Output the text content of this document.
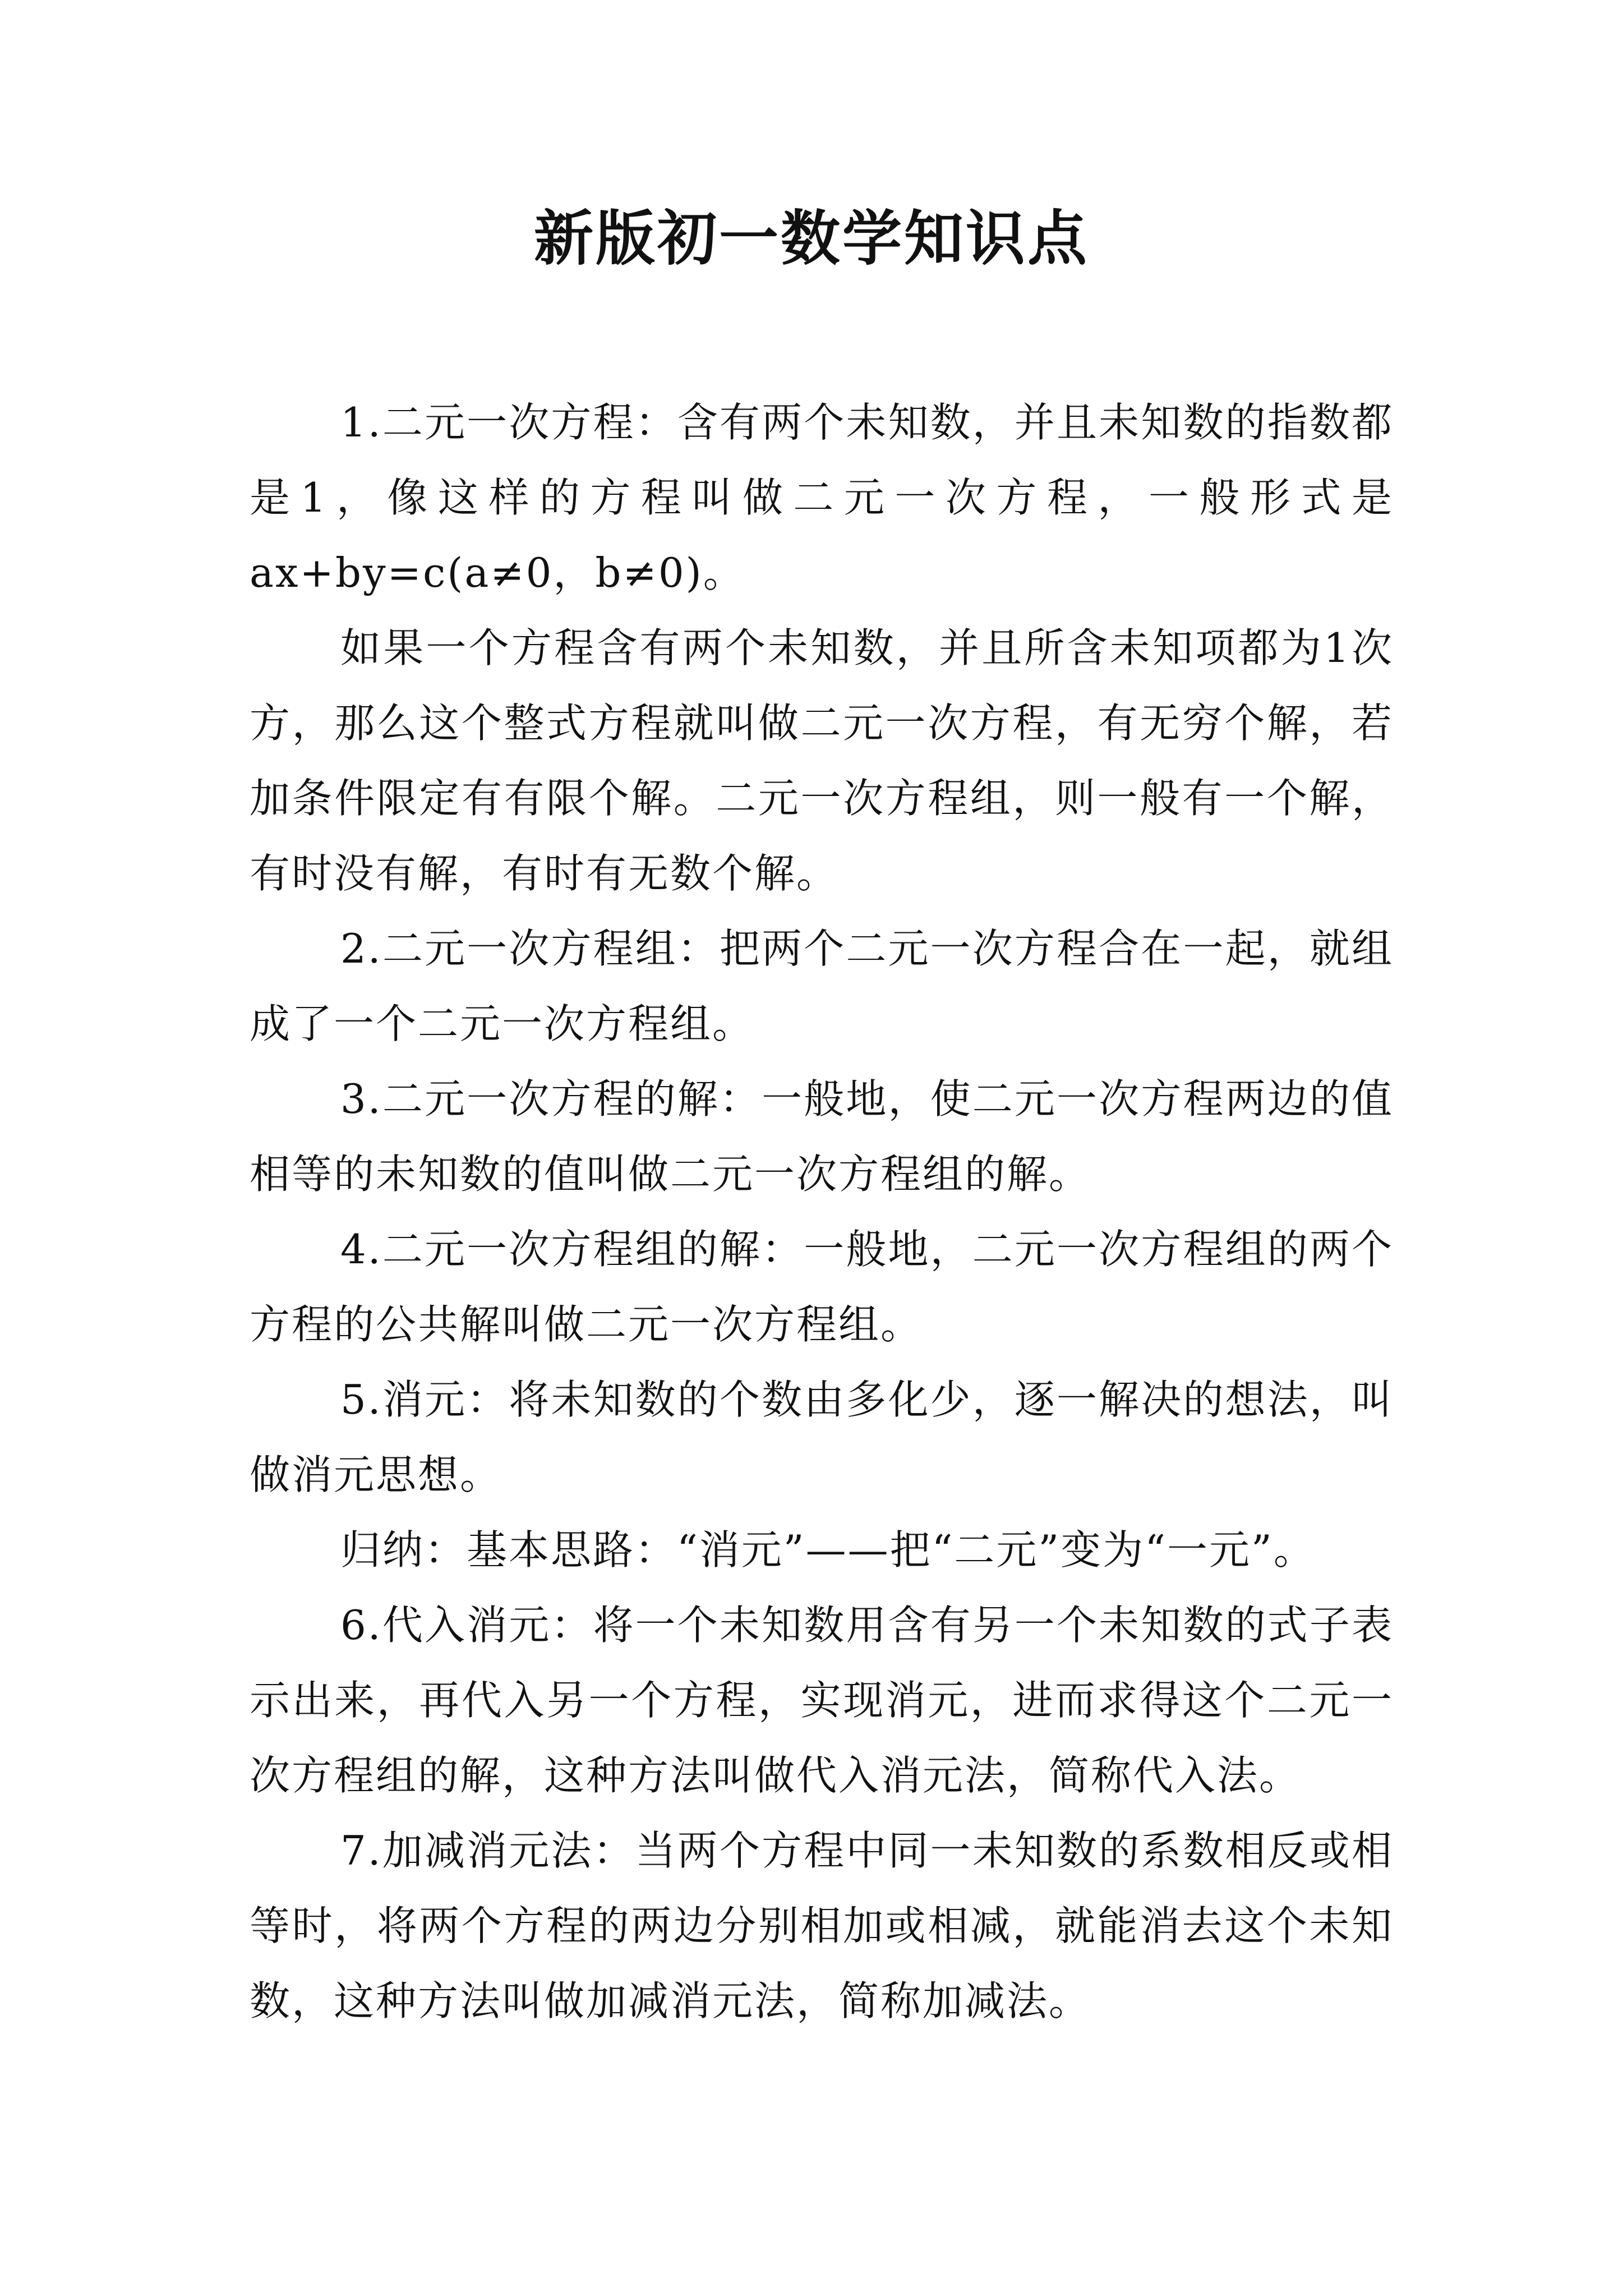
新版初一数学知识点

1.二元一次方程：含有两个未知数，并且未知数的指数都是1，像这样的方程叫做二元一次方程，一般形式是ax+by=c(a≠0，b≠0)。

如果一个方程含有两个未知数，并且所含未知项都为1次方，那么这个整式方程就叫做二元一次方程，有无穷个解，若加条件限定有有限个解。二元一次方程组，则一般有一个解，有时没有解，有时有无数个解。

2.二元一次方程组：把两个二元一次方程合在一起，就组成了一个二元一次方程组。

3.二元一次方程的解：一般地，使二元一次方程两边的值相等的未知数的值叫做二元一次方程组的解。

4.二元一次方程组的解：一般地，二元一次方程组的两个方程的公共解叫做二元一次方程组。

5.消元：将未知数的个数由多化少，逐一解决的想法，叫做消元思想。

归纳：基本思路：“消元”——把“二元”变为“一元”。

6.代入消元：将一个未知数用含有另一个未知数的式子表示出来，再代入另一个方程，实现消元，进而求得这个二元一次方程组的解，这种方法叫做代入消元法，简称代入法。

7.加减消元法：当两个方程中同一未知数的系数相反或相等时，将两个方程的两边分别相加或相减，就能消去这个未知数，这种方法叫做加减消元法，简称加减法。
